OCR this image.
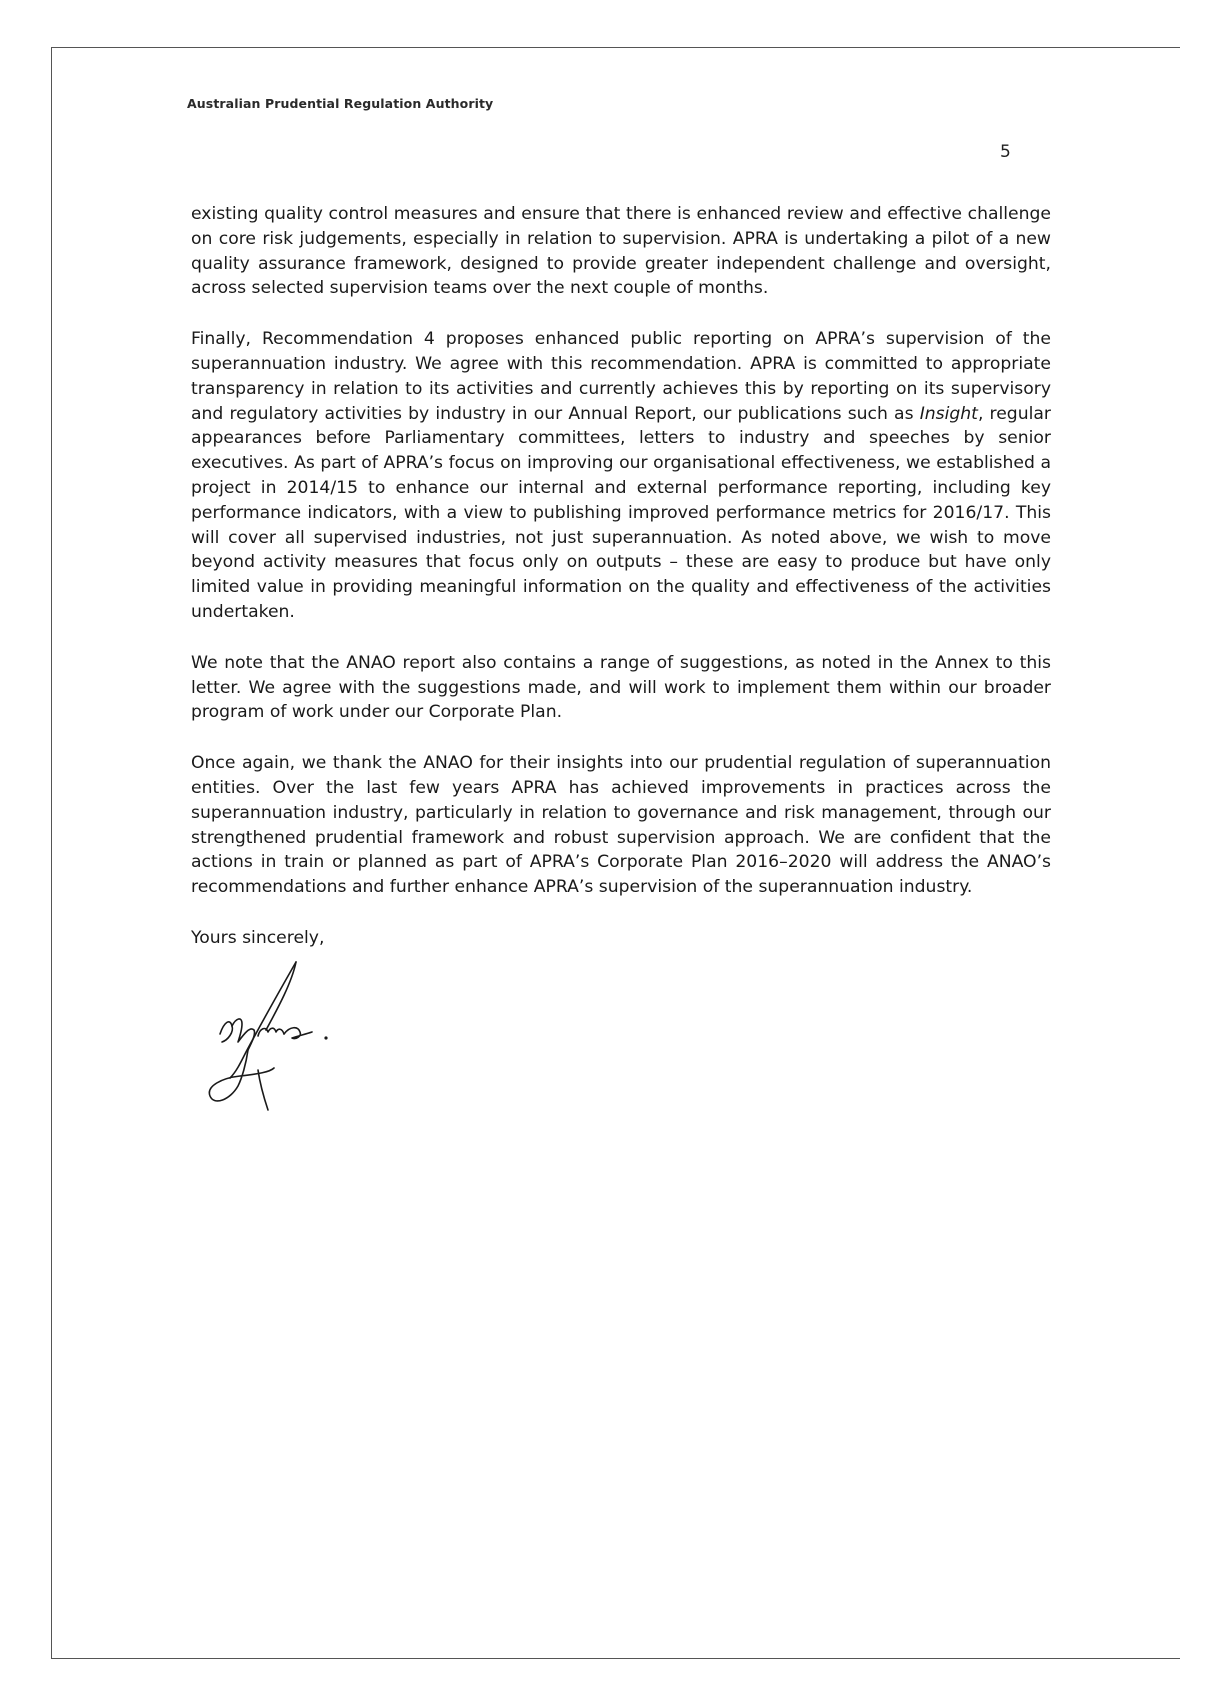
Australian Prudential Regulation Authority
5

existing quality control measures and ensure that there is enhanced review and effective challenge on core risk judgements, especially in relation to supervision. APRA is undertaking a pilot of a new quality assurance framework, designed to provide greater independent challenge and oversight, across selected supervision teams over the next couple of months.

Finally, Recommendation 4 proposes enhanced public reporting on APRA’s supervision of the superannuation industry. We agree with this recommendation. APRA is committed to appropriate transparency in relation to its activities and currently achieves this by reporting on its supervisory and regulatory activities by industry in our Annual Report, our publications such as Insight, regular appearances before Parliamentary committees, letters to industry and speeches by senior executives. As part of APRA’s focus on improving our organisational effectiveness, we established a project in 2014/15 to enhance our internal and external performance reporting, including key performance indicators, with a view to publishing improved performance metrics for 2016/17. This will cover all supervised industries, not just superannuation. As noted above, we wish to move beyond activity measures that focus only on outputs – these are easy to produce but have only limited value in providing meaningful information on the quality and effectiveness of the activities undertaken.

We note that the ANAO report also contains a range of suggestions, as noted in the Annex to this letter. We agree with the suggestions made, and will work to implement them within our broader program of work under our Corporate Plan.

Once again, we thank the ANAO for their insights into our prudential regulation of superannuation entities. Over the last few years APRA has achieved improvements in practices across the superannuation industry, particularly in relation to governance and risk management, through our strengthened prudential framework and robust supervision approach. We are confident that the actions in train or planned as part of APRA’s Corporate Plan 2016–2020 will address the ANAO’s recommendations and further enhance APRA’s supervision of the superannuation industry.

Yours sincerely,
